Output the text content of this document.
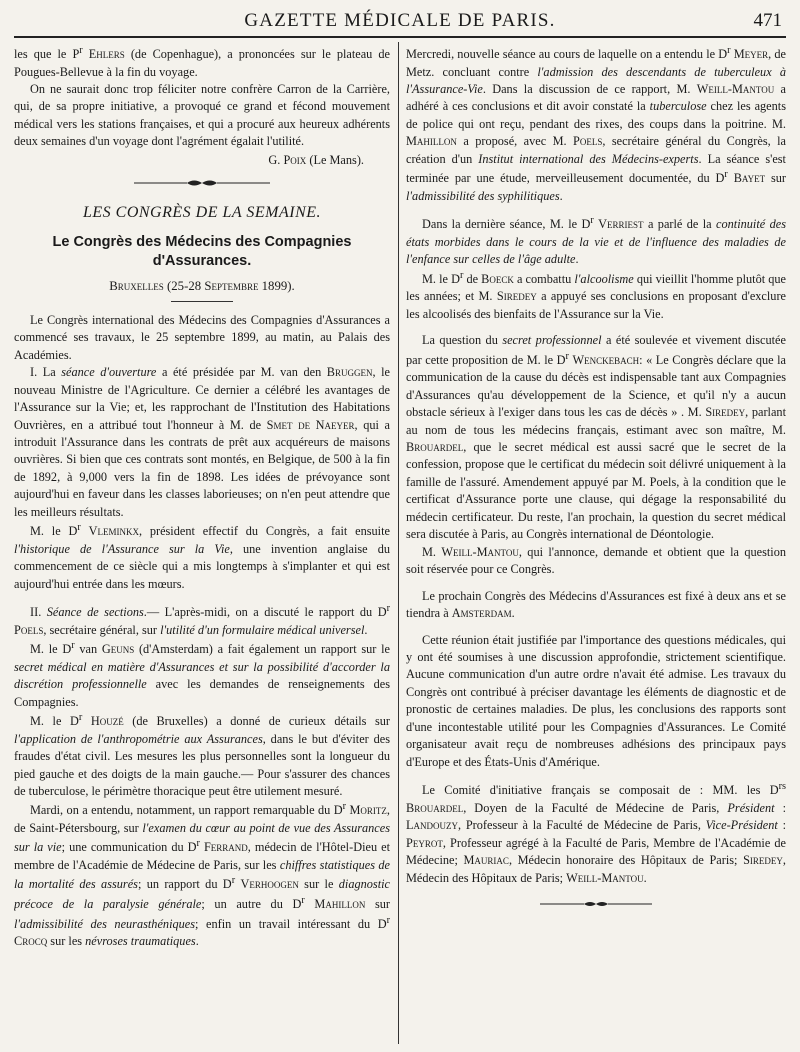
GAZETTE MÉDICALE DE PARIS.	471

les que le $P^r$ Ehlers (de Copenhague), a prononcées sur le plateau de Pougues-Bellevue à la fin du voyage.

On ne saurait donc trop féliciter notre confrère Carron de la Carrière, qui, de sa propre initiative, a provoqué ce grand et fécond mouvement médical vers les stations françaises, et qui a procuré aux heureux adhérents deux semaines d'un voyage dont l'agrément égalait l'utilité.

G. Poix (Le Mans).

LES CONGRÈS DE LA SEMAINE.

Le Congrès des Médecins des Compagnies d'Assurances.

Bruxelles (25-28 Septembre 1899).

Le Congrès international des Médecins des Compagnies d'Assurances a commencé ses travaux, le 25 septembre 1899, au matin, au Palais des Académies.

I. La séance d'ouverture a été présidée par M. van den Bruggen, le nouveau Ministre de l'Agriculture. Ce dernier a célébré les avantages de l'Assurance sur la Vie; et, les rapprochant de l'Institution des Habitations Ouvrières, en a attribué tout l'honneur à M. de Smet de Naeyer, qui a introduit l'Assurance dans les contrats de prêt aux acquéreurs de maisons ouvrières. Si bien que ces contrats sont montés, en Belgique, de 500 à la fin de 1892, à 9,000 vers la fin de 1898. Les idées de prévoyance sont aujourd'hui en faveur dans les classes laborieuses; on n'en peut attendre que les meilleurs résultats.

M. le $D^r$ Vleminkx, président effectif du Congrès, a fait ensuite l'historique de l'Assurance sur la Vie, une invention anglaise du commencement de ce siècle qui a mis longtemps à s'implanter et qui est aujourd'hui entrée dans les mœurs.

II. Séance de sections.— L'après-midi, on a discuté le rapport du $D^r$ Poels, secrétaire général, sur l'utilité d'un formulaire médical universel.

M. le $D^r$ van Geuns (d'Amsterdam) a fait également un rapport sur le secret médical en matière d'Assurances et sur la possibilité d'accorder la discrétion professionnelle avec les demandes de renseignements des Compagnies.

M. le $D^r$ Houzé (de Bruxelles) a donné de curieux détails sur l'application de l'anthropométrie aux Assurances, dans le but d'éviter des fraudes d'état civil. Les mesures les plus personnelles sont la longueur du pied gauche et des doigts de la main gauche.— Pour s'assurer des chances de tuberculose, le périmètre thoracique peut être utilement mesuré.

Mardi, on a entendu, notamment, un rapport remarquable du $D^r$ Moritz, de Saint-Pétersbourg, sur l'examen du cœur au point de vue des Assurances sur la vie; une communication du $D^r$ Ferrand, médecin de l'Hôtel-Dieu et membre de l'Académie de Médecine de Paris, sur les chiffres statistiques de la mortalité des assurés; un rapport du $D^r$ Verhoogen sur le diagnostic précoce de la paralysie générale; un autre du $D^r$ Mahillon sur l'admissibilité des neurasthéniques; enfin un travail intéressant du $D^r$ Crocq sur les névroses traumatiques.

Mercredi, nouvelle séance au cours de laquelle on a entendu le $D^r$ Meyer, de Metz. concluant contre l'admission des descendants de tuberculeux à l'Assurance-Vie. Dans la discussion de ce rapport, M. Weill-Mantou a adhéré à ces conclusions et dit avoir constaté la tuberculose chez les agents de police qui ont reçu, pendant des rixes, des coups dans la poitrine. M. Mahillon a proposé, avec M. Poels, secrétaire général du Congrès, la création d'un Institut international des Médecins-experts. La séance s'est terminée par une étude, merveilleusement documentée, du $D^r$ Bayet sur l'admissibilité des syphilitiques.

Dans la dernière séance, M. le $D^r$ Verriest a parlé de la continuité des états morbides dans le cours de la vie et de l'influence des maladies de l'enfance sur celles de l'âge adulte.

M. le $D^r$ de Boeck a combattu l'alcoolisme qui vieillit l'homme plutôt que les années; et M. Siredey a appuyé ses conclusions en proposant d'exclure les alcoolisés des bienfaits de l'Assurance sur la Vie.

La question du secret professionnel a été soulevée et vivement discutée par cette proposition de M. le $D^r$ Wenckebach: « Le Congrès déclare que la communication de la cause du décès est indispensable tant aux Compagnies d'Assurances qu'au développement de la Science, et qu'il n'y a aucun obstacle sérieux à l'exiger dans tous les cas de décès » . M. Siredey, parlant au nom de tous les médecins français, estimant avec son maître, M. Brouardel, que le secret médical est aussi sacré que le secret de la confession, propose que le certificat du médecin soit délivré uniquement à la famille de l'assuré. Amendement appuyé par M. Poels, à la condition que le certificat d'Assurance porte une clause, qui dégage la responsabilité du médecin certificateur. Du reste, l'an prochain, la question du secret médical sera discutée à Paris, au Congrès international de Déontologie.

M. Weill-Mantou, qui l'annonce, demande et obtient que la question soit réservée pour ce Congrès.

Le prochain Congrès des Médecins d'Assurances est fixé à deux ans et se tiendra à Amsterdam.

Cette réunion était justifiée par l'importance des questions médicales, qui y ont été soumises à une discussion approfondie, strictement scientifique. Aucune communication d'un autre ordre n'avait été admise. Les travaux du Congrès ont contribué à préciser davantage les éléments de diagnostic et de pronostic de certaines maladies. De plus, les conclusions des rapports sont d'une incontestable utilité pour les Compagnies d'Assurances. Le Comité organisateur avait reçu de nombreuses adhésions des principaux pays d'Europe et des États-Unis d'Amérique.

Le Comité d'initiative français se composait de : MM. les $D^{rs}$ Brouardel, Doyen de la Faculté de Médecine de Paris, Président : Landouzy, Professeur à la Faculté de Médecine de Paris, Vice-Président : Peyrot, Professeur agrégé à la Faculté de Paris, Membre de l'Académie de Médecine; Mauriac, Médecin honoraire des Hôpitaux de Paris; Siredey, Médecin des Hôpitaux de Paris; Weill-Mantou.
